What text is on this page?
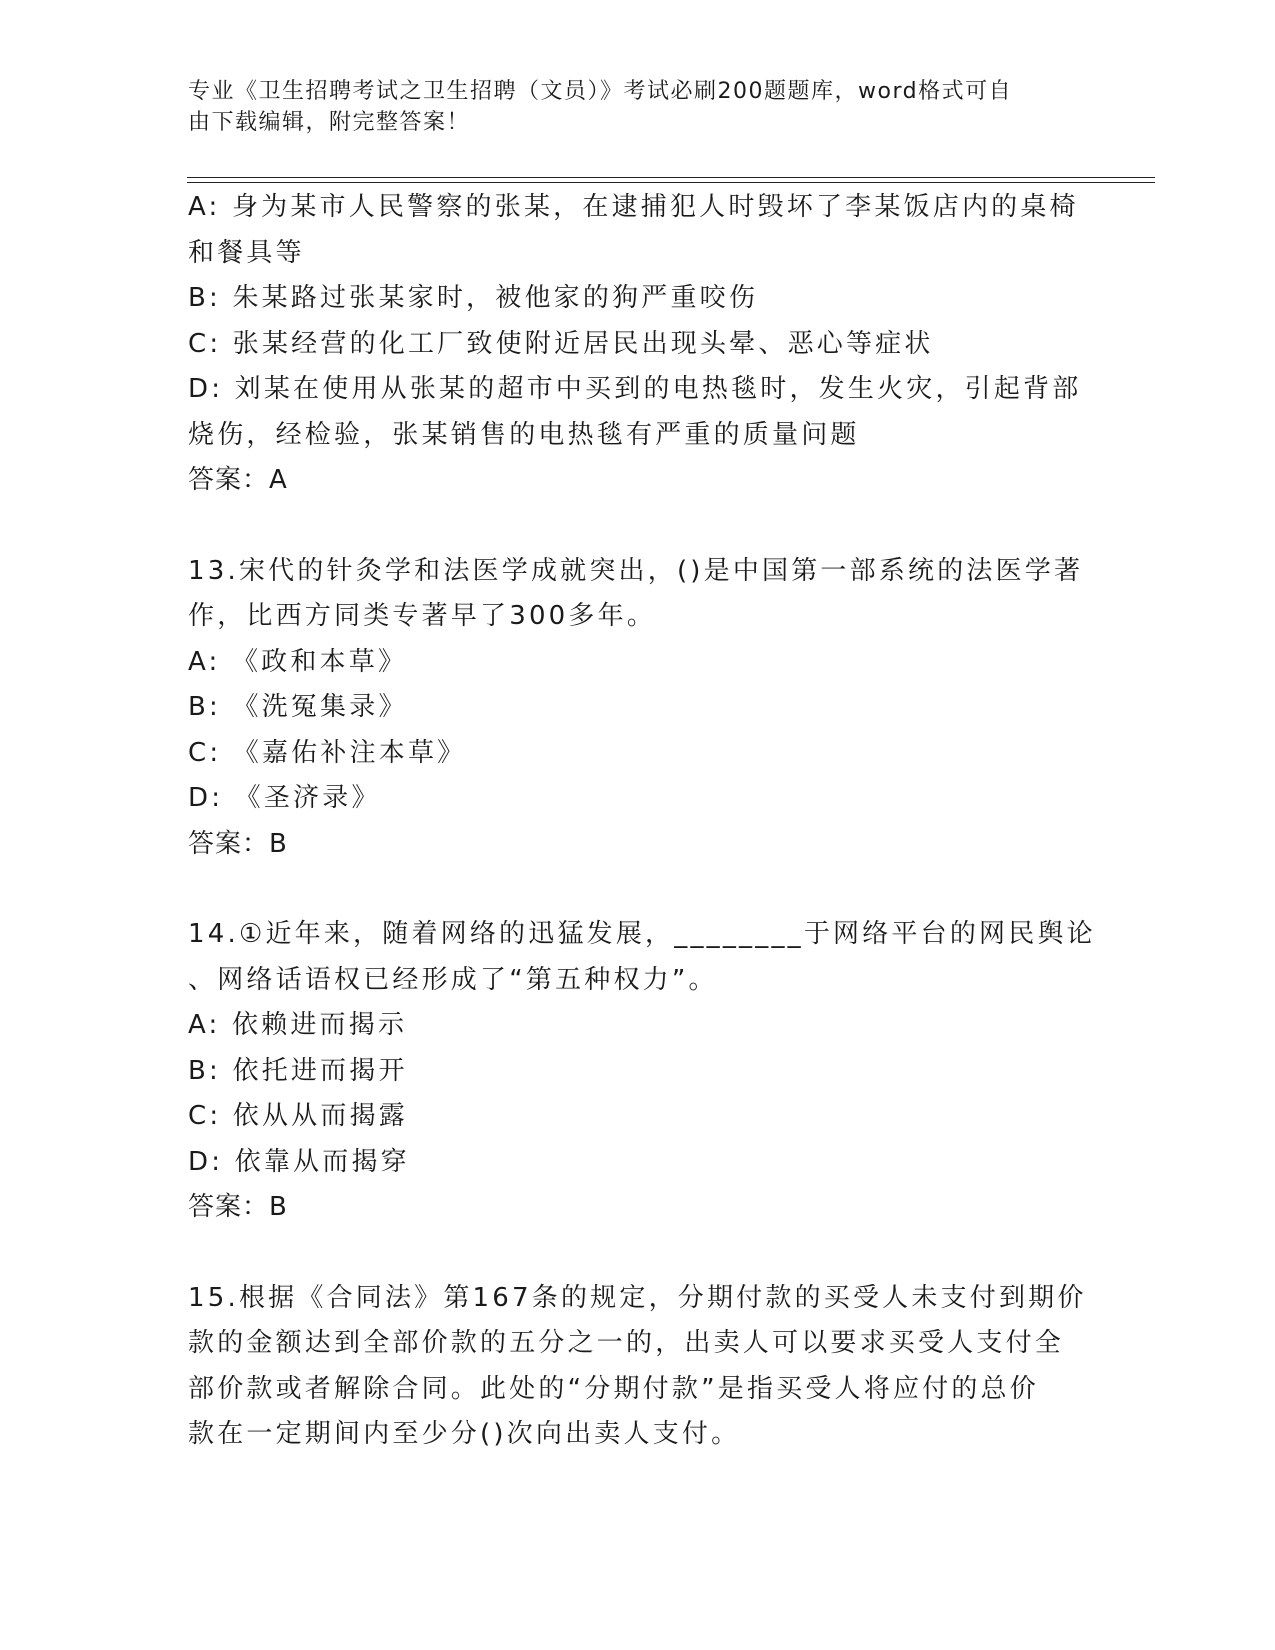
专业《卫生招聘考试之卫生招聘（文员）》考试必刷200题题库，word格式可自
由下载编辑，附完整答案！
A: 身为某市人民警察的张某，在逮捕犯人时毁坏了李某饭店内的桌椅
和餐具等
B: 朱某路过张某家时，被他家的狗严重咬伤
C: 张某经营的化工厂致使附近居民出现头晕、恶心等症状
D: 刘某在使用从张某的超市中买到的电热毯时，发生火灾，引起背部
烧伤，经检验，张某销售的电热毯有严重的质量问题
答案：A
13.宋代的针灸学和法医学成就突出，()是中国第一部系统的法医学著
作，比西方同类专著早了300多年。
A: 《政和本草》
B: 《洗冤集录》
C: 《嘉佑补注本草》
D: 《圣济录》
答案：B
14.①近年来，随着网络的迅猛发展，________于网络平台的网民舆论
、网络话语权已经形成了“第五种权力”。
A: 依赖进而揭示
B: 依托进而揭开
C: 依从从而揭露
D: 依靠从而揭穿
答案：B
15.根据《合同法》第167条的规定，分期付款的买受人未支付到期价
款的金额达到全部价款的五分之一的，出卖人可以要求买受人支付全
部价款或者解除合同。此处的“分期付款”是指买受人将应付的总价
款在一定期间内至少分()次向出卖人支付。
